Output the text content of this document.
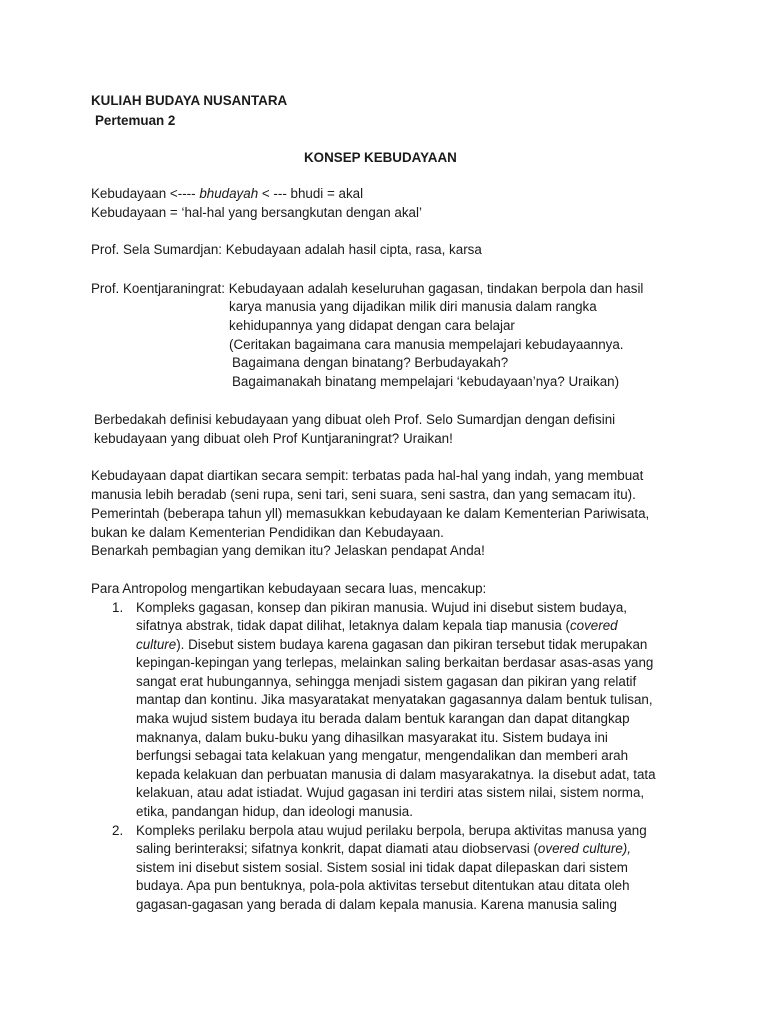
KULIAH BUDAYA NUSANTARA
Pertemuan 2
KONSEP KEBUDAYAAN
Kebudayaan <---- bhudayah < --- bhudi = akal
Kebudayaan = ‘hal-hal yang bersangkutan dengan akal’
Prof. Sela Sumardjan: Kebudayaan adalah hasil cipta, rasa, karsa
Prof. Koentjaraningrat: Kebudayaan adalah keseluruhan gagasan, tindakan berpola dan hasil
karya manusia yang dijadikan milik diri manusia dalam rangka
kehidupannya yang didapat dengan cara belajar
(Ceritakan bagaimana cara manusia mempelajari kebudayaannya.
Bagaimana dengan binatang? Berbudayakah?
Bagaimanakah binatang mempelajari ‘kebudayaan’nya? Uraikan)
Berbedakah definisi kebudayaan yang dibuat oleh Prof. Selo Sumardjan dengan defisini
kebudayaan yang dibuat oleh Prof Kuntjaraningrat? Uraikan!
Kebudayaan dapat diartikan secara sempit: terbatas pada hal-hal yang indah, yang membuat
manusia lebih beradab (seni rupa, seni tari, seni suara, seni sastra, dan yang semacam itu).
Pemerintah (beberapa tahun yll) memasukkan kebudayaan ke dalam Kementerian Pariwisata,
bukan ke dalam Kementerian Pendidikan dan Kebudayaan.
Benarkah pembagian yang demikan itu? Jelaskan pendapat Anda!
Para Antropolog mengartikan kebudayaan secara luas, mencakup:
1. Kompleks gagasan, konsep dan pikiran manusia. Wujud ini disebut sistem budaya,
sifatnya abstrak, tidak dapat dilihat, letaknya dalam kepala tiap manusia (covered
culture). Disebut sistem budaya karena gagasan dan pikiran tersebut tidak merupakan
kepingan-kepingan yang terlepas, melainkan saling berkaitan berdasar asas-asas yang
sangat erat hubungannya, sehingga menjadi sistem gagasan dan pikiran yang relatif
mantap dan kontinu. Jika masyaratakat menyatakan gagasannya dalam bentuk tulisan,
maka wujud sistem budaya itu berada dalam bentuk karangan dan dapat ditangkap
maknanya, dalam buku-buku yang dihasilkan masyarakat itu. Sistem budaya ini
berfungsi sebagai tata kelakuan yang mengatur, mengendalikan dan memberi arah
kepada kelakuan dan perbuatan manusia di dalam masyarakatnya. Ia disebut adat, tata
kelakuan, atau adat istiadat. Wujud gagasan ini terdiri atas sistem nilai, sistem norma,
etika, pandangan hidup, dan ideologi manusia.
2. Kompleks perilaku berpola atau wujud perilaku berpola, berupa aktivitas manusa yang
saling berinteraksi; sifatnya konkrit, dapat diamati atau diobservasi (overed culture),
sistem ini disebut sistem sosial. Sistem sosial ini tidak dapat dilepaskan dari sistem
budaya. Apa pun bentuknya, pola-pola aktivitas tersebut ditentukan atau ditata oleh
gagasan-gagasan yang berada di dalam kepala manusia. Karena manusia saling
